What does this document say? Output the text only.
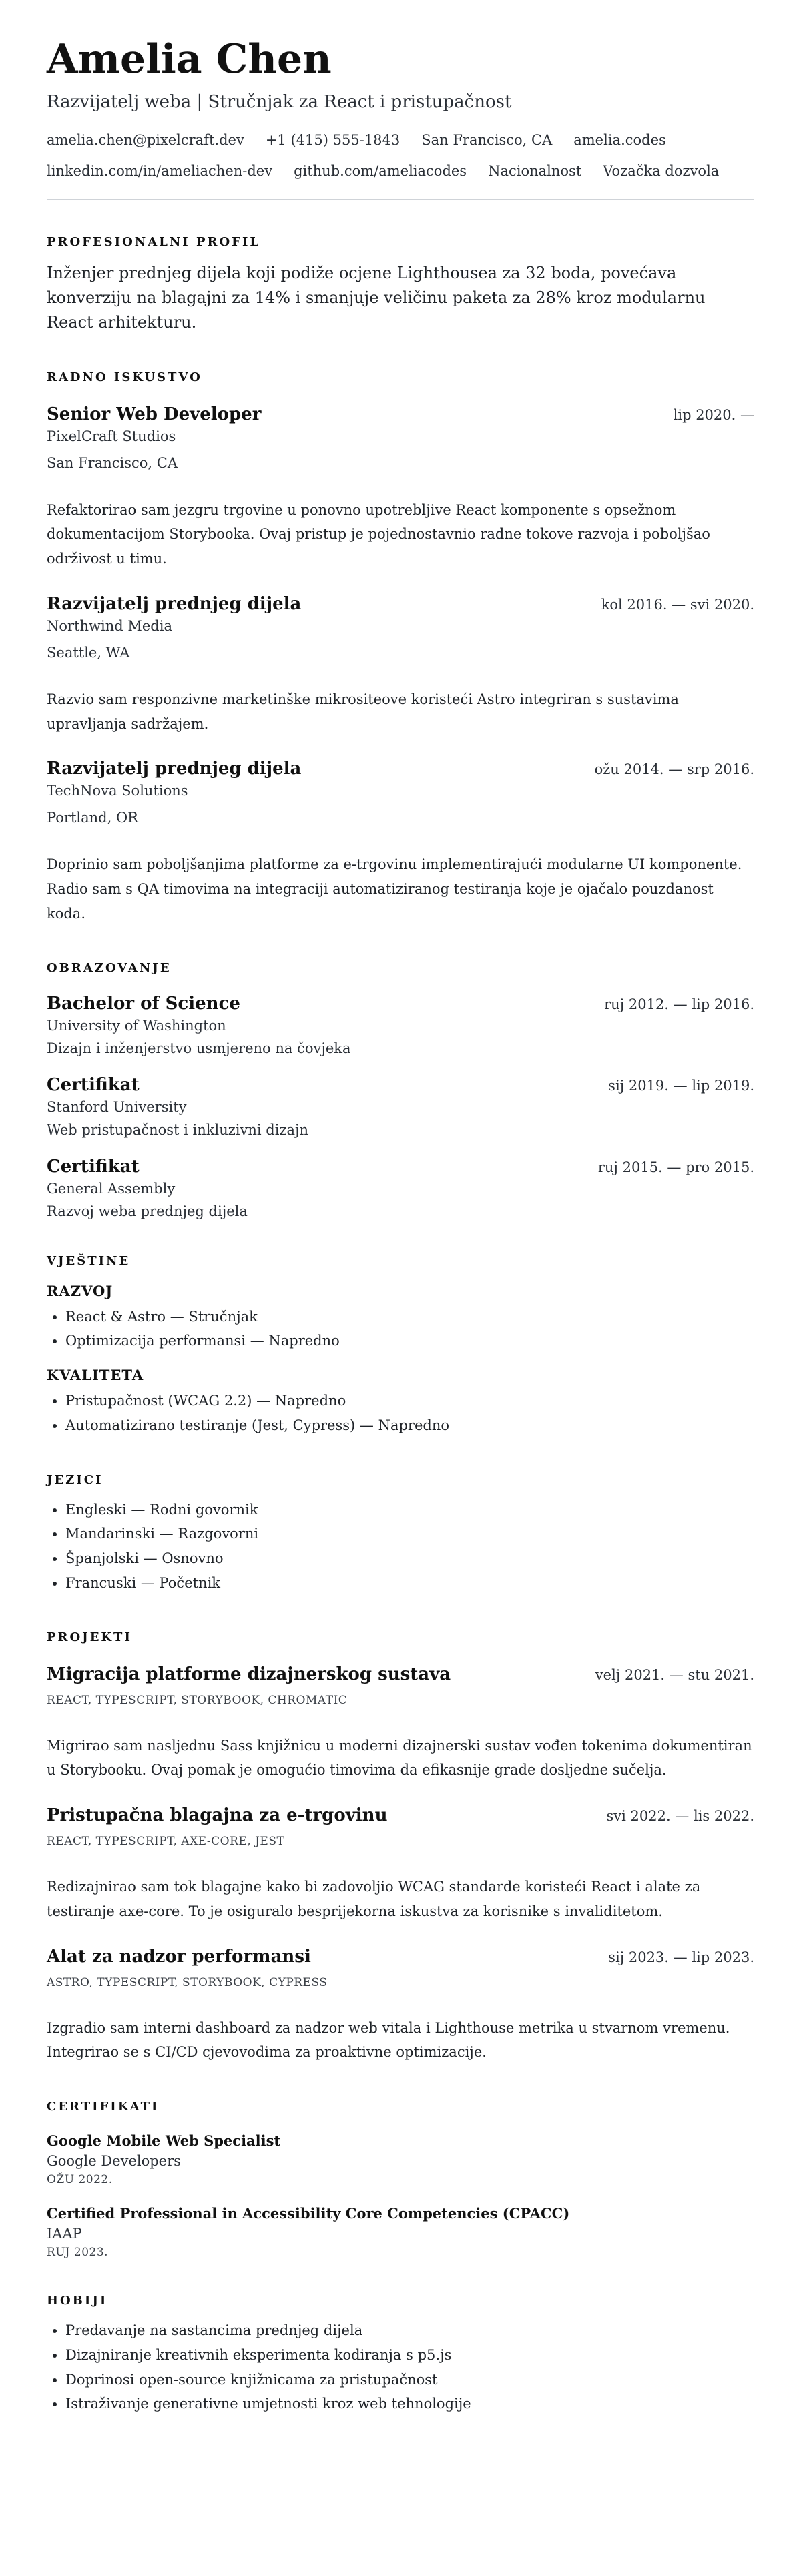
Amelia Chen
Razvijatelj weba | Stručnjak za React i pristupačnost
amelia.chen@pixelcraft.dev +1 (415) 555-1843 San Francisco, CA amelia.codes
linkedin.com/in/ameliachen-dev github.com/ameliacodes Nacionalnost Vozačka dozvola
PROFESIONALNI PROFIL
Inženjer prednjeg dijela koji podiže ocjene Lighthousea za 32 boda, povećava konverziju na blagajni za 14% i smanjuje veličinu paketa za 28% kroz modularnu React arhitekturu.
RADNO ISKUSTVO
Senior Web Developer	lip 2020. —
PixelCraft Studios
San Francisco, CA
Refaktorirao sam jezgru trgovine u ponovno upotrebljive React komponente s opsežnom dokumentacijom Storybooka. Ovaj pristup je pojednostavnio radne tokove razvoja i poboljšao održivost u timu.
Razvijatelj prednjeg dijela	kol 2016. — svi 2020.
Northwind Media
Seattle, WA
Razvio sam responzivne marketinške mikrositeove koristeći Astro integriran s sustavima upravljanja sadržajem.
Razvijatelj prednjeg dijela	ožu 2014. — srp 2016.
TechNova Solutions
Portland, OR
Doprinio sam poboljšanjima platforme za e-trgovinu implementirajući modularne UI komponente. Radio sam s QA timovima na integraciji automatiziranog testiranja koje je ojačalo pouzdanost koda.
OBRAZOVANJE
Bachelor of Science	ruj 2012. — lip 2016.
University of Washington
Dizajn i inženjerstvo usmjereno na čovjeka
Certifikat	sij 2019. — lip 2019.
Stanford University
Web pristupačnost i inkluzivni dizajn
Certifikat	ruj 2015. — pro 2015.
General Assembly
Razvoj weba prednjeg dijela
VJEŠTINE
RAZVOJ
• React & Astro — Stručnjak
• Optimizacija performansi — Napredno
KVALITETA
• Pristupačnost (WCAG 2.2) — Napredno
• Automatizirano testiranje (Jest, Cypress) — Napredno
JEZICI
• Engleski — Rodni govornik
• Mandarinski — Razgovorni
• Španjolski — Osnovno
• Francuski — Početnik
PROJEKTI
Migracija platforme dizajnerskog sustava	velj 2021. — stu 2021.
REACT, TYPESCRIPT, STORYBOOK, CHROMATIC
Migrirao sam nasljednu Sass knjižnicu u moderni dizajnerski sustav vođen tokenima dokumentiran u Storybooku. Ovaj pomak je omogućio timovima da efikasnije grade dosljedne sučelja.
Pristupačna blagajna za e-trgovinu	svi 2022. — lis 2022.
REACT, TYPESCRIPT, AXE-CORE, JEST
Redizajnirao sam tok blagajne kako bi zadovoljio WCAG standarde koristeći React i alate za testiranje axe-core. To je osiguralo besprijekorna iskustva za korisnike s invaliditetom.
Alat za nadzor performansi	sij 2023. — lip 2023.
ASTRO, TYPESCRIPT, STORYBOOK, CYPRESS
Izgradio sam interni dashboard za nadzor web vitala i Lighthouse metrika u stvarnom vremenu. Integrirao se s CI/CD cjevovodima za proaktivne optimizacije.
CERTIFIKATI
Google Mobile Web Specialist
Google Developers
OŽU 2022.
Certified Professional in Accessibility Core Competencies (CPACC)
IAAP
RUJ 2023.
HOBIJI
• Predavanje na sastancima prednjeg dijela
• Dizajniranje kreativnih eksperimenta kodiranja s p5.js
• Doprinosi open-source knjižnicama za pristupačnost
• Istraživanje generativne umjetnosti kroz web tehnologije
